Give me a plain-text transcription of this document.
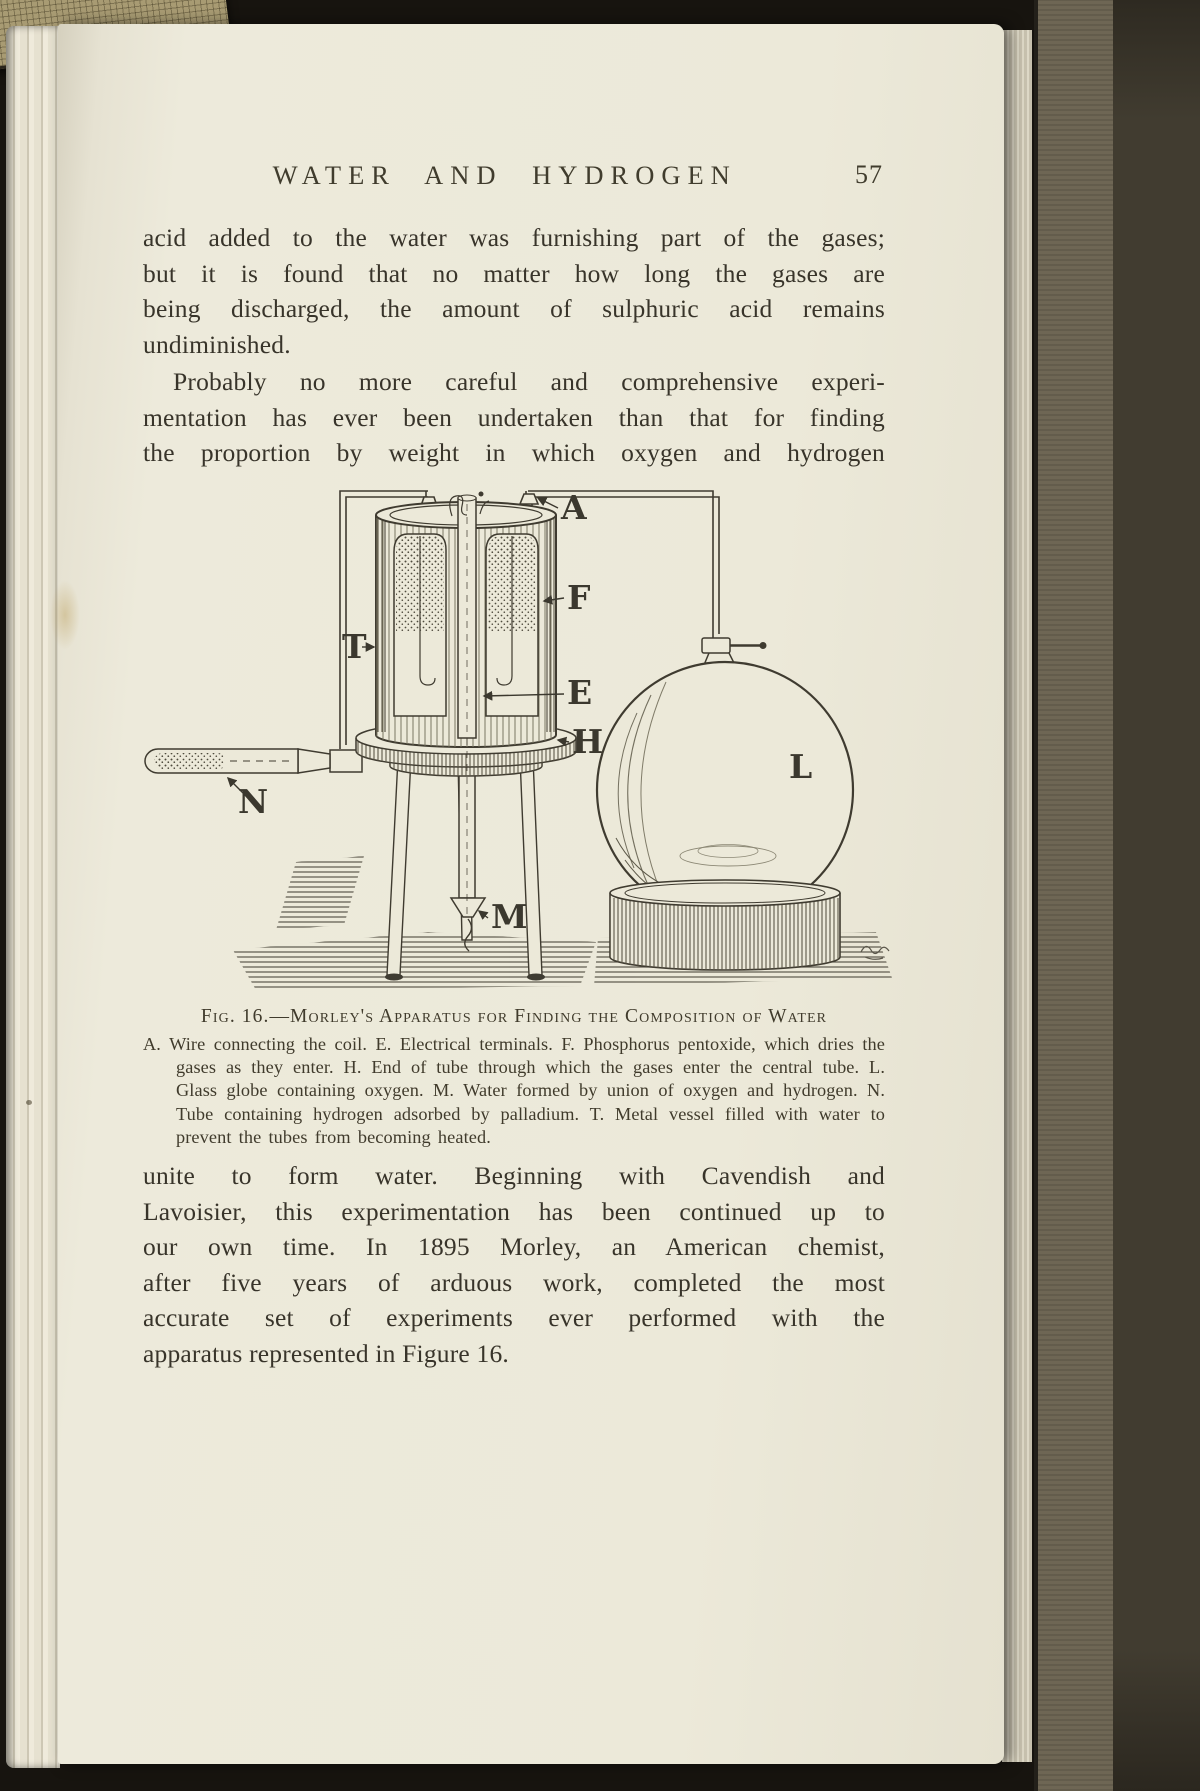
WATER AND HYDROGEN	57
acid added to the water was furnishing part of the gases;
but it is found that no matter how long the gases are
being discharged, the amount of sulphuric acid remains
undiminished.
Probably no more careful and comprehensive experi-
mentation has ever been undertaken than that for finding
the proportion by weight in which oxygen and hydrogen
A
F
T
E
H
L
N
M
Fig. 16.—Morley's Apparatus for Finding the Composition of Water
A. Wire connecting the coil. E. Electrical terminals. F. Phosphorus pentoxide, which dries the gases as they enter. H. End of tube through which the gases enter the central tube. L. Glass globe containing oxygen. M. Water formed by union of oxygen and hydrogen. N. Tube containing hydrogen adsorbed by palladium. T. Metal vessel filled with water to prevent the tubes from becoming heated.
unite to form water. Beginning with Cavendish and
Lavoisier, this experimentation has been continued up to
our own time. In 1895 Morley, an American chemist,
after five years of arduous work, completed the most
accurate set of experiments ever performed with the
apparatus represented in Figure 16.
